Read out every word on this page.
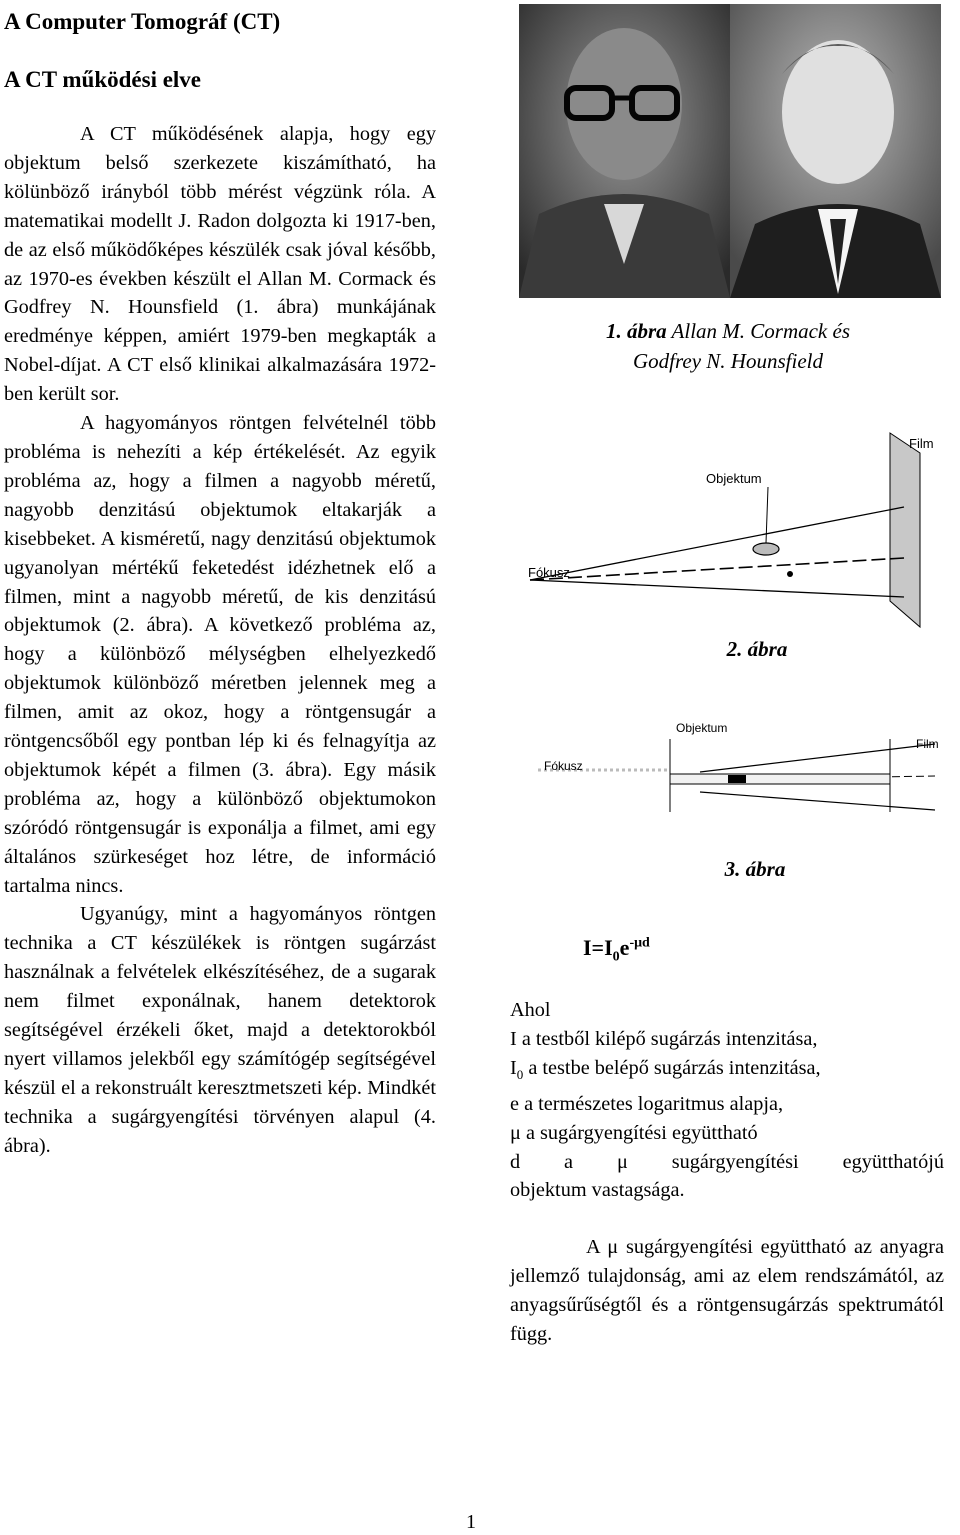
A Computer Tomográf (CT)
A CT működési elve

A CT működésének alapja, hogy egy objektum belső szerkezete kiszámítható, ha kölünböző irányból több mérést végzünk róla. A matematikai modellt J. Radon dolgozta ki 1917-ben, de az első működőképes készülék csak jóval később, az 1970-es években készült el Allan M. Cormack és Godfrey N. Hounsfield (1. ábra) munkájának eredménye képpen, amiért 1979-ben megkapták a Nobel-díjat. A CT első klinikai alkalmazására 1972-ben került sor.

A hagyományos röntgen felvételnél több probléma is nehezíti a kép értékelését. Az egyik probléma az, hogy a filmen a nagyobb méretű, nagyobb denzitású objektumok eltakarják a kisebbeket. A kisméretű, nagy denzitású objektumok ugyanolyan mértékű feketedést idézhetnek elő a filmen, mint a nagyobb méretű, de kis denzitású objektumok (2. ábra). A következő probléma az, hogy a különböző mélységben elhelyezkedő objektumok különböző méretben jelennek meg a filmen, amit az okoz, hogy a röntgensugár a röntgencsőből egy pontban lép ki és felnagyítja az objektumok képét a filmen (3. ábra). Egy másik probléma az, hogy a különböző objektumokon szóródó röntgensugár is exponálja a filmet, ami egy általános szürkeséget hoz létre, de információ tartalma nincs.

Ugyanúgy, mint a hagyományos röntgen technika a CT készülékek is röntgen sugárzást használnak a felvételek elkészítéséhez, de a sugarak nem filmet exponálnak, hanem detektorok segítségével érzékeli őket, majd a detektorokból nyert villamos jelekből egy számítógép segítségével készül el a rekonstruált keresztmetszeti kép. Mindkét technika a sugárgyengítési törvényen alapul (4. ábra).

1. ábra Allan M. Cormack és Godfrey N. Hounsfield
Film
Objektum
Fókusz
2. ábra
Objektum
Film
Fókusz
3. ábra
$I=I_0e^{-\mu d}$

Ahol

I a testből kilépő sugárzás intenzitása,

$I_0$ a testbe belépő sugárzás intenzitása,

e a természetes logaritmus alapja,

μ a sugárgyengítési együttható

d a μ sugárgyengítési együtthatójú

objektum vastagsága.

A μ sugárgyengítési együttható az anyagra jellemző tulajdonság, ami az elem rendszámától, az anyagsűrűségtől és a röntgensugárzás spektrumától függ.

1
